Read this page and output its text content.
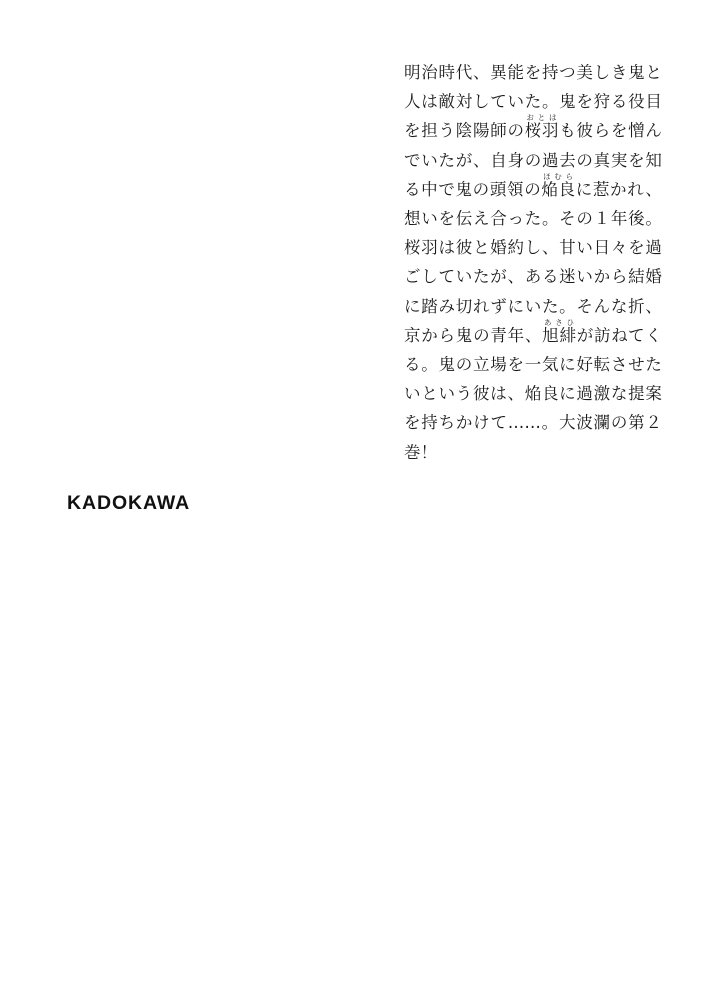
明治時代、異能を持つ美しき鬼と人は敵対していた。鬼を狩る役目を担う陰陽師の桜羽おとはも彼らを憎んでいたが、自身の過去の真実を知る中で鬼の頭領の焔良ほむらに惹かれ、想いを伝え合った。その１年後。桜羽は彼と婚約し、甘い日々を過ごしていたが、ある迷いから結婚に踏み切れずにいた。そんな折、京から鬼の青年、旭緋あさひが訪ねてくる。鬼の立場を一気に好転させたいという彼は、焔良に過激な提案を持ちかけて……。大波瀾の第２巻！

KADOKAWA
